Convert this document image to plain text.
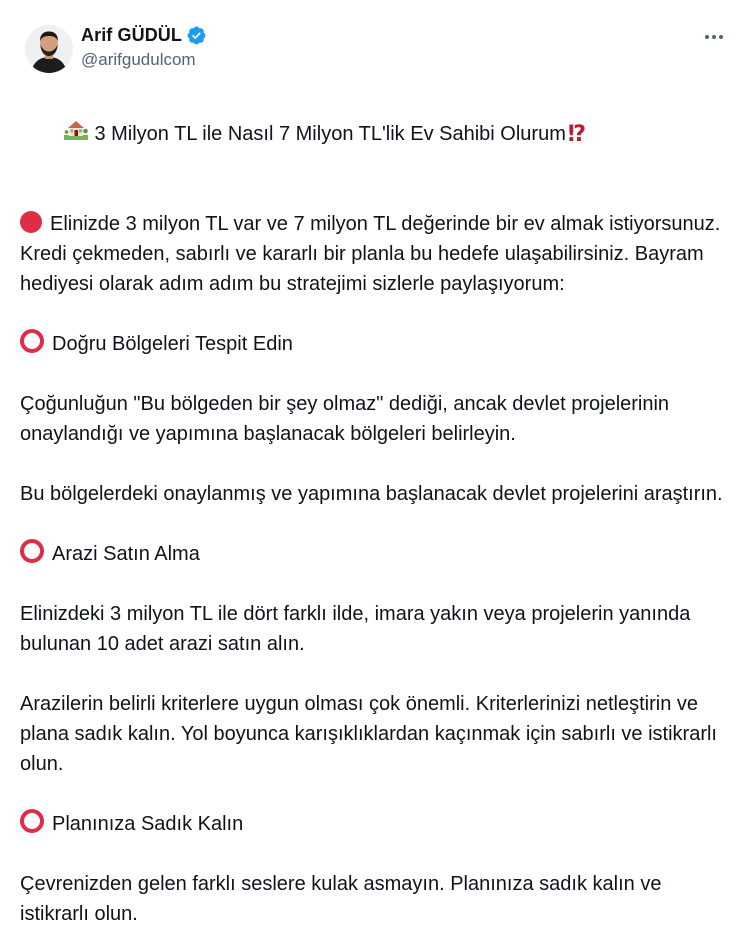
Arif GÜDÜL
@arifgudulcom

3 Milyon TL ile Nasıl 7 Milyon TL'lik Ev Sahibi Olurum ⁉

Elinizde 3 milyon TL var ve 7 milyon TL değerinde bir ev almak istiyorsunuz. Kredi çekmeden, sabırlı ve kararlı bir planla bu hedefe ulaşabilirsiniz. Bayram hediyesi olarak adım adım bu stratejimi sizlerle paylaşıyorum:

Doğru Bölgeleri Tespit Edin

Çoğunluğun "Bu bölgeden bir şey olmaz" dediği, ancak devlet projelerinin onaylandığı ve yapımına başlanacak bölgeleri belirleyin.

Bu bölgelerdeki onaylanmış ve yapımına başlanacak devlet projelerini araştırın.

Arazi Satın Alma

Elinizdeki 3 milyon TL ile dört farklı ilde, imara yakın veya projelerin yanında bulunan 10 adet arazi satın alın.

Arazilerin belirli kriterlere uygun olması çok önemli. Kriterlerinizi netleştirin ve plana sadık kalın. Yol boyunca karışıklıklardan kaçınmak için sabırlı ve istikrarlı olun.

Planınıza Sadık Kalın

Çevrenizden gelen farklı seslere kulak asmayın. Planınıza sadık kalın ve istikrarlı olun.
